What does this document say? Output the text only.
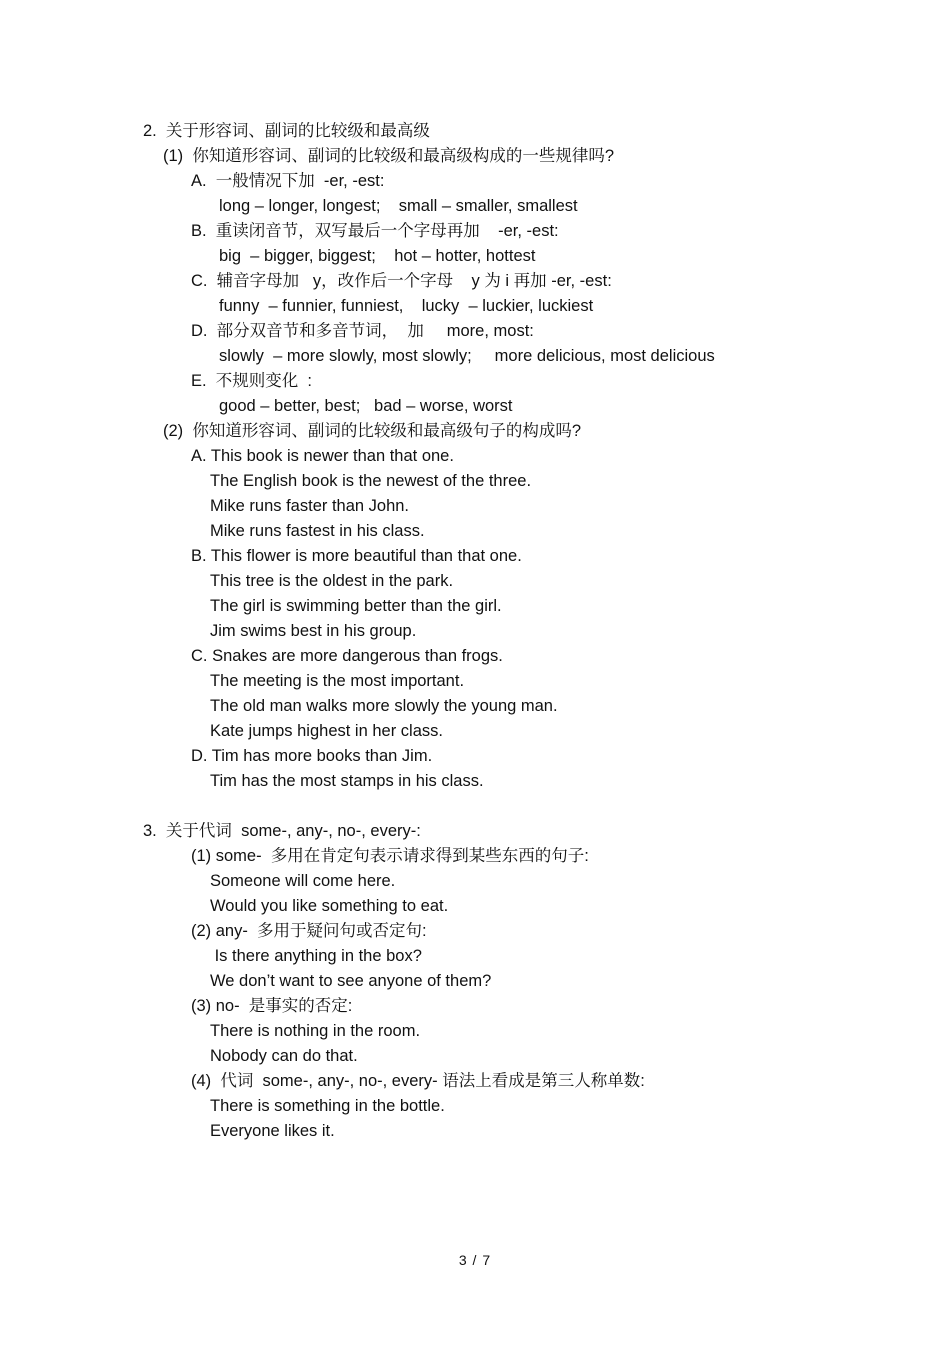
2.  关于形容词、副词的比较级和最高级
(1)  你知道形容词、副词的比较级和最高级构成的一些规律吗?
A.  一般情况下加  -er, -est:
long – longer, longest;    small – smaller, smallest
B.  重读闭音节，双写最后一个字母再加    -er, -est:
big  – bigger, biggest;    hot – hotter, hottest
C.  辅音字母加   y，改作后一个字母    y 为 i 再加 -er, -est:
funny  – funnier, funniest,    lucky  – luckier, luckiest
D.  部分双音节和多音节词，  加     more, most:
slowly  – more slowly, most slowly;     more delicious, most delicious
E.  不规则变化  :
good – better, best;   bad – worse, worst
(2)  你知道形容词、副词的比较级和最高级句子的构成吗?
A. This book is newer than that one.
The English book is the newest of the three.
Mike runs faster than John.
Mike runs fastest in his class.
B. This flower is more beautiful than that one.
This tree is the oldest in the park.
The girl is swimming better than the girl.
Jim swims best in his group.
C. Snakes are more dangerous than frogs.
The meeting is the most important.
The old man walks more slowly the young man.
Kate jumps highest in her class.
D. Tim has more books than Jim.
Tim has the most stamps in his class.
3.  关于代词  some-, any-, no-, every-:
(1) some-  多用在肯定句表示请求得到某些东西的句子:
Someone will come here.
Would you like something to eat.
(2) any-  多用于疑问句或否定句:
Is there anything in the box?
We don’t want to see anyone of them?
(3) no-  是事实的否定:
There is nothing in the room.
Nobody can do that.
(4)  代词  some-, any-, no-, every- 语法上看成是第三人称单数:
There is something in the bottle.
Everyone likes it.
3 / 7
